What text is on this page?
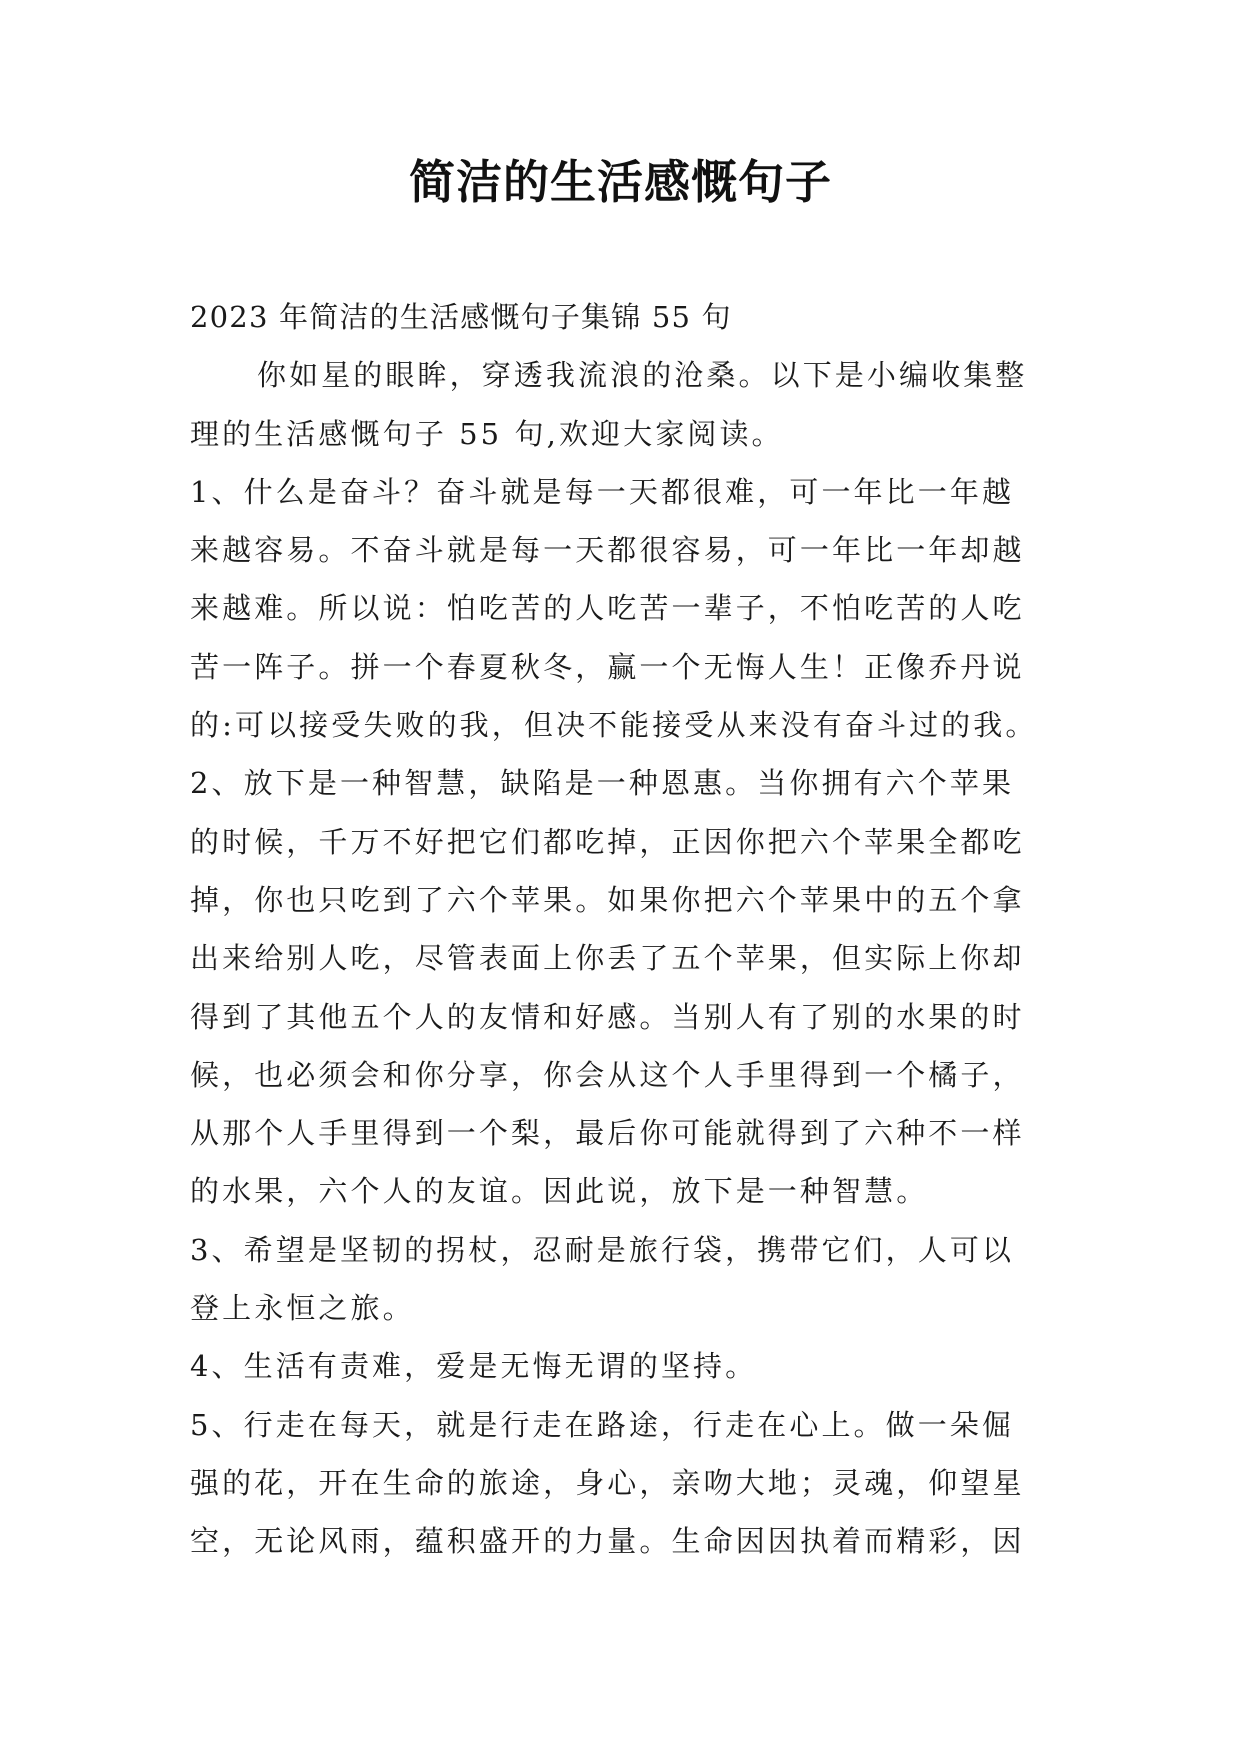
简洁的生活感慨句子
2023 年简洁的生活感慨句子集锦 55 句
你如星的眼眸，穿透我流浪的沧桑。以下是小编收集整
理的生活感慨句子 55 句,欢迎大家阅读。
1、什么是奋斗？奋斗就是每一天都很难，可一年比一年越
来越容易。不奋斗就是每一天都很容易，可一年比一年却越
来越难。所以说：怕吃苦的人吃苦一辈子，不怕吃苦的人吃
苦一阵子。拼一个春夏秋冬，赢一个无悔人生！正像乔丹说
的:可以接受失败的我，但决不能接受从来没有奋斗过的我。
2、放下是一种智慧，缺陷是一种恩惠。当你拥有六个苹果
的时候，千万不好把它们都吃掉，正因你把六个苹果全都吃
掉，你也只吃到了六个苹果。如果你把六个苹果中的五个拿
出来给别人吃，尽管表面上你丢了五个苹果，但实际上你却
得到了其他五个人的友情和好感。当别人有了别的水果的时
候，也必须会和你分享，你会从这个人手里得到一个橘子，
从那个人手里得到一个梨，最后你可能就得到了六种不一样
的水果，六个人的友谊。因此说，放下是一种智慧。
3、希望是坚韧的拐杖，忍耐是旅行袋，携带它们，人可以
登上永恒之旅。
4、生活有责难，爱是无悔无谓的坚持。
5、行走在每天，就是行走在路途，行走在心上。做一朵倔
强的花，开在生命的旅途，身心，亲吻大地；灵魂，仰望星
空，无论风雨，蕴积盛开的力量。生命因因执着而精彩，因
